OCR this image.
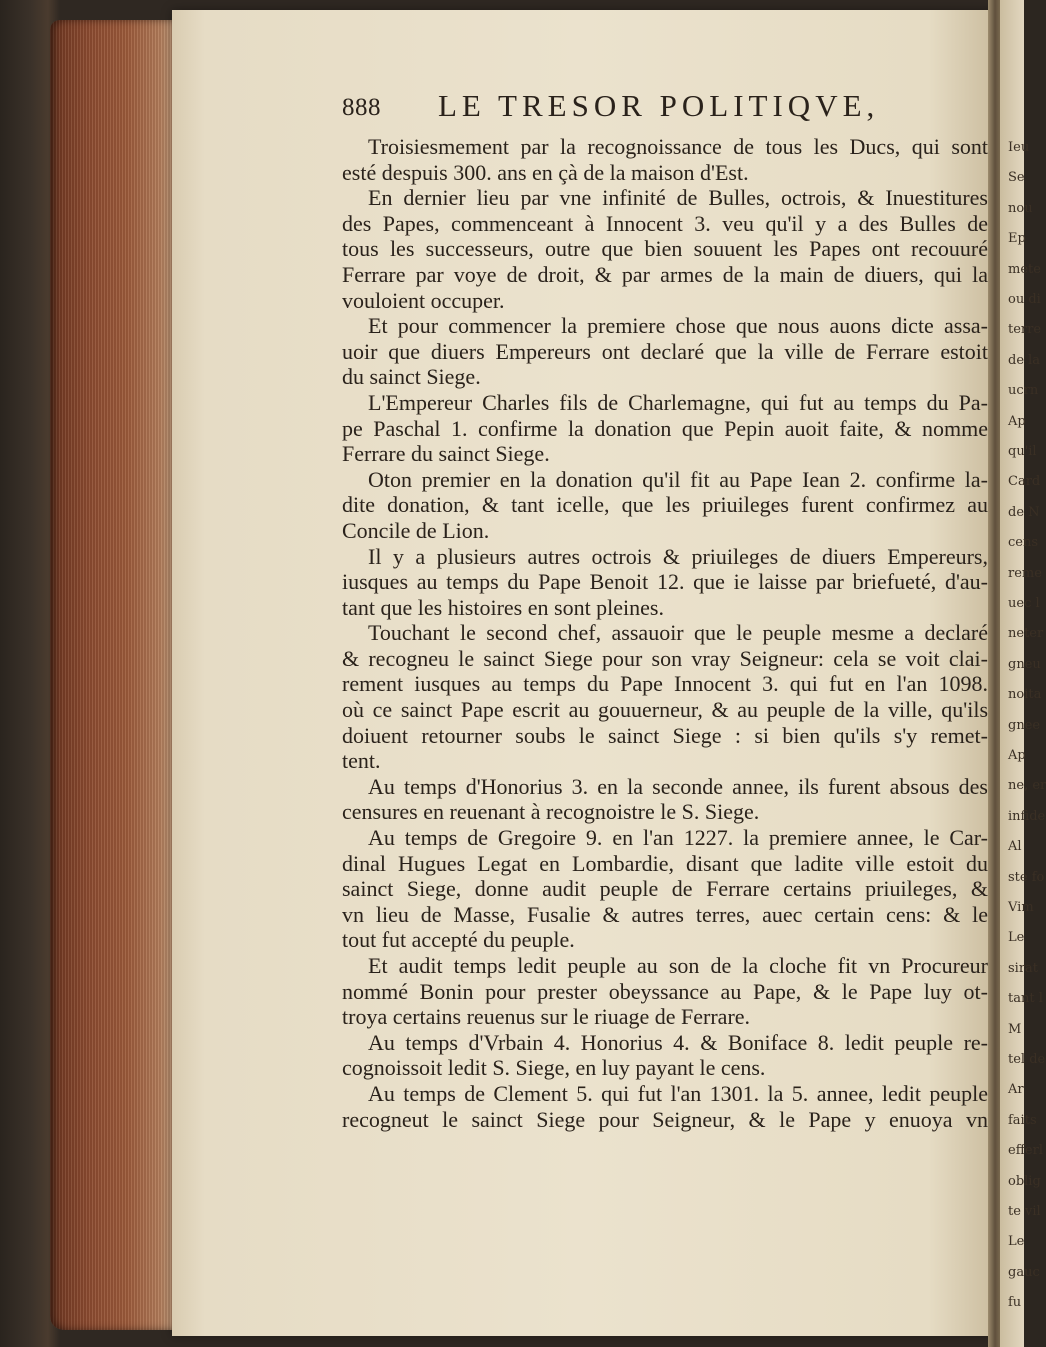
Ieu
Se
nou
Ep
mete
ou di
terre
de la
ucrn
Ap
qu'il
Card
de N
cens
reme
uec l
neter
gneu
noita
gnee
Ap
ne, er
infide
Al
ste fo
Vim
Le
sirat
tant l
M
tel de
Ar
faits
efferl
oblig
te vil
Le
gauc
fu
888 LE TRESOR POLITIQVE,
Troisiesmement par la recognoissance de tous les Ducs, qui sont
esté despuis 300. ans en çà de la maison d'Est.
En dernier lieu par vne infinité de Bulles, octrois, & Inuestitures
des Papes, commenceant à Innocent 3. veu qu'il y a des Bulles de
tous les successeurs, outre que bien souuent les Papes ont recouuré
Ferrare par voye de droit, & par armes de la main de diuers, qui la
vouloient occuper.
Et pour commencer la premiere chose que nous auons dicte assa-
uoir que diuers Empereurs ont declaré que la ville de Ferrare estoit
du sainct Siege.
L'Empereur Charles fils de Charlemagne, qui fut au temps du Pa-
pe Paschal 1. confirme la donation que Pepin auoit faite, & nomme
Ferrare du sainct Siege.
Oton premier en la donation qu'il fit au Pape Iean 2. confirme la-
dite donation, & tant icelle, que les priuileges furent confirmez au
Concile de Lion.
Il y a plusieurs autres octrois & priuileges de diuers Empereurs,
iusques au temps du Pape Benoit 12. que ie laisse par briefueté, d'au-
tant que les histoires en sont pleines.
Touchant le second chef, assauoir que le peuple mesme a declaré
& recogneu le sainct Siege pour son vray Seigneur: cela se voit clai-
rement iusques au temps du Pape Innocent 3. qui fut en l'an 1098.
où ce sainct Pape escrit au gouuerneur, & au peuple de la ville, qu'ils
doiuent retourner soubs le sainct Siege : si bien qu'ils s'y remet-
tent.
Au temps d'Honorius 3. en la seconde annee, ils furent absous des
censures en reuenant à recognoistre le S. Siege.
Au temps de Gregoire 9. en l'an 1227. la premiere annee, le Car-
dinal Hugues Legat en Lombardie, disant que ladite ville estoit du
sainct Siege, donne audit peuple de Ferrare certains priuileges, &
vn lieu de Masse, Fusalie & autres terres, auec certain cens: & le
tout fut accepté du peuple.
Et audit temps ledit peuple au son de la cloche fit vn Procureur
nommé Bonin pour prester obeyssance au Pape, & le Pape luy ot-
troya certains reuenus sur le riuage de Ferrare.
Au temps d'Vrbain 4. Honorius 4. & Boniface 8. ledit peuple re-
cognoissoit ledit S. Siege, en luy payant le cens.
Au temps de Clement 5. qui fut l'an 1301. la 5. annee, ledit peuple
recogneut le sainct Siege pour Seigneur, & le Pape y enuoya vn
